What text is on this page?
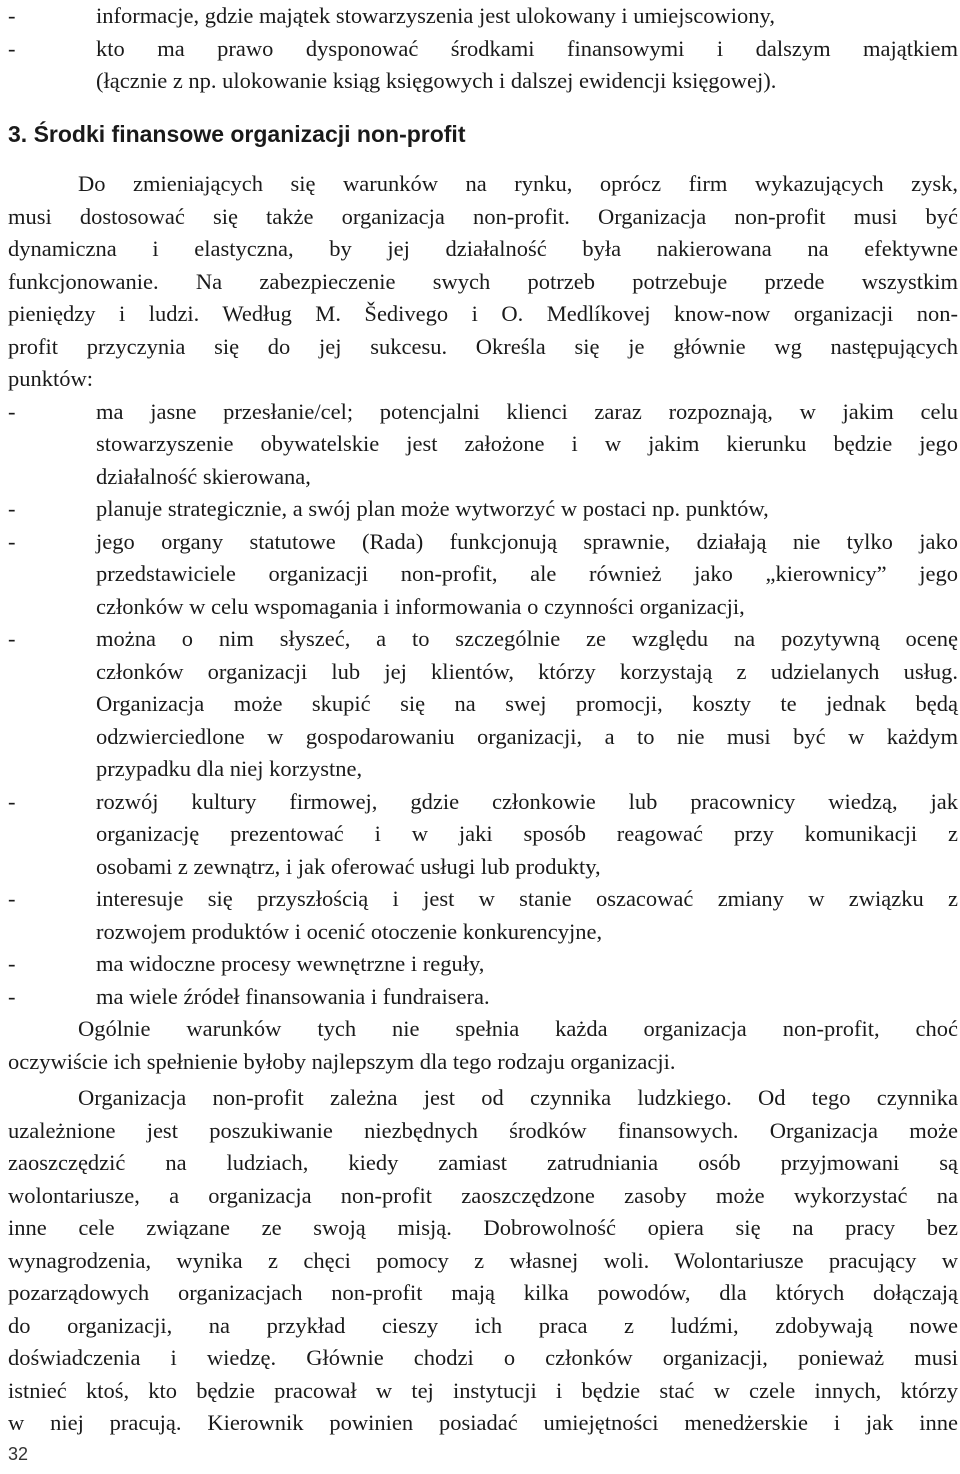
-	informacje, gdzie majątek stowarzyszenia jest ulokowany i umiejscowiony,
-	kto ma prawo dysponować środkami finansowymi i dalszym majątkiem
(łącznie z np. ulokowanie ksiąg księgowych i dalszej ewidencji księgowej).
3. Środki finansowe organizacji non-profit
Do zmieniających się warunków na rynku, oprócz firm wykazujących zysk,
musi dostosować się także organizacja non-profit. Organizacja non-profit musi być
dynamiczna i elastyczna, by jej działalność była nakierowana na efektywne
funkcjonowanie. Na zabezpieczenie swych potrzeb potrzebuje przede wszystkim
pieniędzy i ludzi. Według M. Šedivego i O. Medlíkovej know-now organizacji non-
profit przyczynia się do jej sukcesu. Określa się je głównie wg następujących
punktów:
-	ma jasne przesłanie/cel; potencjalni klienci zaraz rozpoznają, w jakim celu
stowarzyszenie obywatelskie jest założone i w jakim kierunku będzie jego
działalność skierowana,
-	planuje strategicznie, a swój plan może wytworzyć w postaci np. punktów,
-	jego organy statutowe (Rada) funkcjonują sprawnie, działają nie tylko jako
przedstawiciele organizacji non-profit, ale również jako „kierownicy” jego
członków w celu wspomagania i informowania o czynności organizacji,
-	można o nim słyszeć, a to szczególnie ze względu na pozytywną ocenę
członków organizacji lub jej klientów, którzy korzystają z udzielanych usług.
Organizacja może skupić się na swej promocji, koszty te jednak będą
odzwierciedlone w gospodarowaniu organizacji, a to nie musi być w każdym
przypadku dla niej korzystne,
-	rozwój kultury firmowej, gdzie członkowie lub pracownicy wiedzą, jak
organizację prezentować i w jaki sposób reagować przy komunikacji z
osobami z zewnątrz, i jak oferować usługi lub produkty,
-	interesuje się przyszłością i jest w stanie oszacować zmiany w związku z
rozwojem produktów i ocenić otoczenie konkurencyjne,
-	ma widoczne procesy wewnętrzne i reguły,
-	ma wiele źródeł finansowania i fundraisera.
Ogólnie warunków tych nie spełnia każda organizacja non-profit, choć
oczywiście ich spełnienie byłoby najlepszym dla tego rodzaju organizacji.
Organizacja non-profit zależna jest od czynnika ludzkiego. Od tego czynnika
uzależnione jest poszukiwanie niezbędnych środków finansowych. Organizacja może
zaoszczędzić na ludziach, kiedy zamiast zatrudniania osób przyjmowani są
wolontariusze, a organizacja non-profit zaoszczędzone zasoby może wykorzystać na
inne cele związane ze swoją misją. Dobrowolność opiera się na pracy bez
wynagrodzenia, wynika z chęci pomocy z własnej woli. Wolontariusze pracujący w
pozarządowych organizacjach non-profit mają kilka powodów, dla których dołączają
do organizacji, na przykład cieszy ich praca z ludźmi, zdobywają nowe
doświadczenia i wiedzę. Głównie chodzi o członków organizacji, ponieważ musi
istnieć ktoś, kto będzie pracował w tej instytucji i będzie stać w czele innych, którzy
w niej pracują. Kierownik powinien posiadać umiejętności menedżerskie i jak inne
32
